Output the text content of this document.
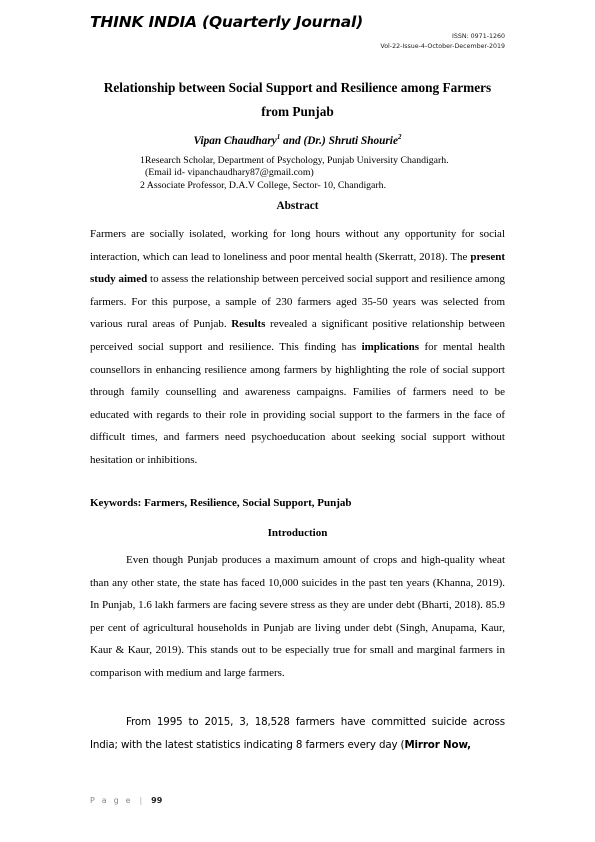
THINK INDIA (Quarterly Journal)
ISSN: 0971-1260
Vol-22-Issue-4-October-December-2019
Relationship between Social Support and Resilience among Farmers from Punjab
Vipan Chaudhary$^1$ and (Dr.) Shruti Shourie$^2$
1Research Scholar, Department of Psychology, Punjab University Chandigarh.
(Email id- vipanchaudhary87@gmail.com)
2 Associate Professor, D.A.V College, Sector- 10, Chandigarh.
Abstract
Farmers are socially isolated, working for long hours without any opportunity for social interaction, which can lead to loneliness and poor mental health (Skerratt, 2018). The present study aimed to assess the relationship between perceived social support and resilience among farmers. For this purpose, a sample of 230 farmers aged 35-50 years was selected from various rural areas of Punjab. Results revealed a significant positive relationship between perceived social support and resilience. This finding has implications for mental health counsellors in enhancing resilience among farmers by highlighting the role of social support through family counselling and awareness campaigns. Families of farmers need to be educated with regards to their role in providing social support to the farmers in the face of difficult times, and farmers need psychoeducation about seeking social support without hesitation or inhibitions.
Keywords: Farmers, Resilience, Social Support, Punjab
Introduction
Even though Punjab produces a maximum amount of crops and high-quality wheat than any other state, the state has faced 10,000 suicides in the past ten years (Khanna, 2019). In Punjab, 1.6 lakh farmers are facing severe stress as they are under debt (Bharti, 2018). 85.9 per cent of agricultural households in Punjab are living under debt (Singh, Anupama, Kaur, Kaur & Kaur, 2019). This stands out to be especially true for small and marginal farmers in comparison with medium and large farmers.
From 1995 to 2015, 3, 18,528 farmers have committed suicide across India; with the latest statistics indicating 8 farmers every day (Mirror Now,
P a g e | 99
